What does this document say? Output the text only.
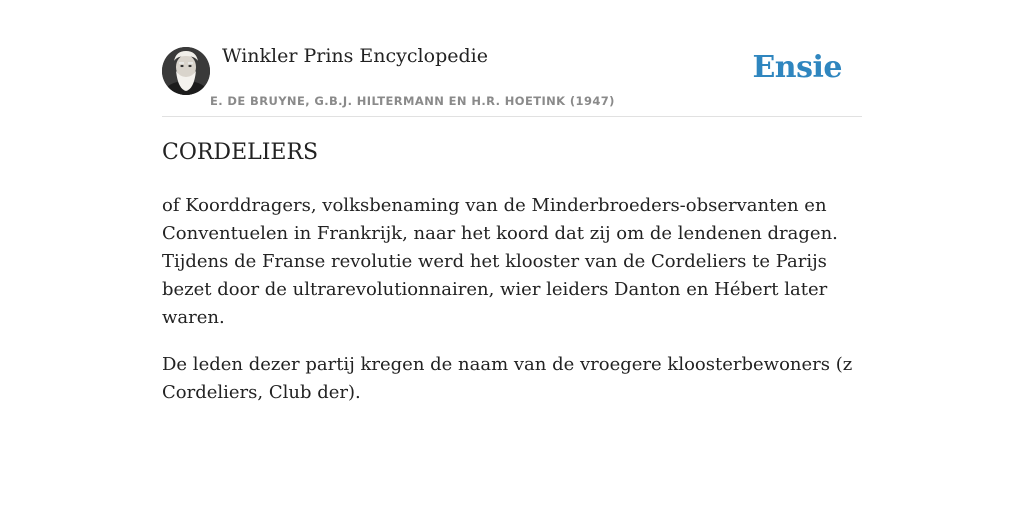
Winkler Prins Encyclopedie
E. DE BRUYNE, G.B.J. HILTERMANN EN H.R. HOETINK (1947)
Ensie
CORDELIERS

of Koorddragers, volksbenaming van de Minderbroeders-observanten en Conventuelen in Frankrijk, naar het koord dat zij om de lendenen dragen. Tijdens de Franse revolutie werd het klooster van de Cordeliers te Parijs bezet door de ultrarevolutionnairen, wier leiders Danton en Hébert later waren.

De leden dezer partij kregen de naam van de vroegere kloosterbewoners (z Cordeliers, Club der).
